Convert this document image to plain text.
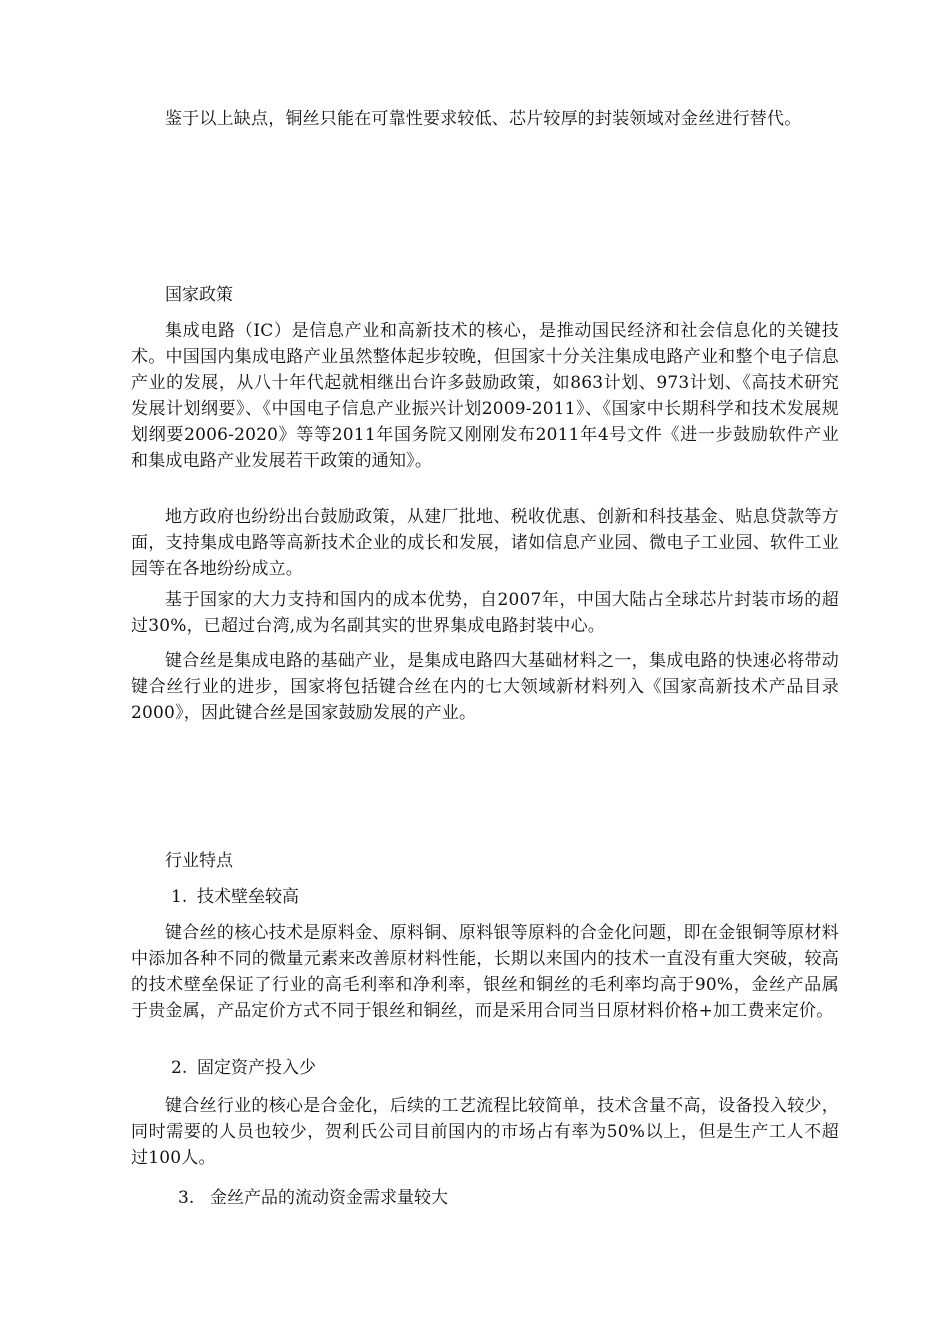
鉴于以上缺点，铜丝只能在可靠性要求较低、芯片较厚的封装领域对金丝进行替代。

国家政策

集成电路（IC）是信息产业和高新技术的核心，是推动国民经济和社会信息化的关键技术。中国国内集成电路产业虽然整体起步较晚，但国家十分关注集成电路产业和整个电子信息产业的发展，从八十年代起就相继出台许多鼓励政策，如863计划、973计划、《高技术研究发展计划纲要》、《中国电子信息产业振兴计划2009-2011》、《国家中长期科学和技术发展规划纲要2006-2020》等等2011年国务院又刚刚发布2011年4号文件《进一步鼓励软件产业和集成电路产业发展若干政策的通知》。

地方政府也纷纷出台鼓励政策，从建厂批地、税收优惠、创新和科技基金、贴息贷款等方面，支持集成电路等高新技术企业的成长和发展，诸如信息产业园、微电子工业园、软件工业园等在各地纷纷成立。

基于国家的大力支持和国内的成本优势，自2007年，中国大陆占全球芯片封装市场的超过30%，已超过台湾,成为名副其实的世界集成电路封装中心。

键合丝是集成电路的基础产业，是集成电路四大基础材料之一，集成电路的快速必将带动键合丝行业的进步，国家将包括键合丝在内的七大领域新材料列入《国家高新技术产品目录2000》，因此键合丝是国家鼓励发展的产业。

行业特点

1. 技术壁垒较高

键合丝的核心技术是原料金、原料铜、原料银等原料的合金化问题，即在金银铜等原材料中添加各种不同的微量元素来改善原材料性能，长期以来国内的技术一直没有重大突破，较高的技术壁垒保证了行业的高毛利率和净利率，银丝和铜丝的毛利率均高于90%，金丝产品属于贵金属，产品定价方式不同于银丝和铜丝，而是采用合同当日原材料价格+加工费来定价。

2. 固定资产投入少

键合丝行业的核心是合金化，后续的工艺流程比较简单，技术含量不高，设备投入较少，同时需要的人员也较少，贺利氏公司目前国内的市场占有率为50%以上，但是生产工人不超过100人。

3. 金丝产品的流动资金需求量较大
